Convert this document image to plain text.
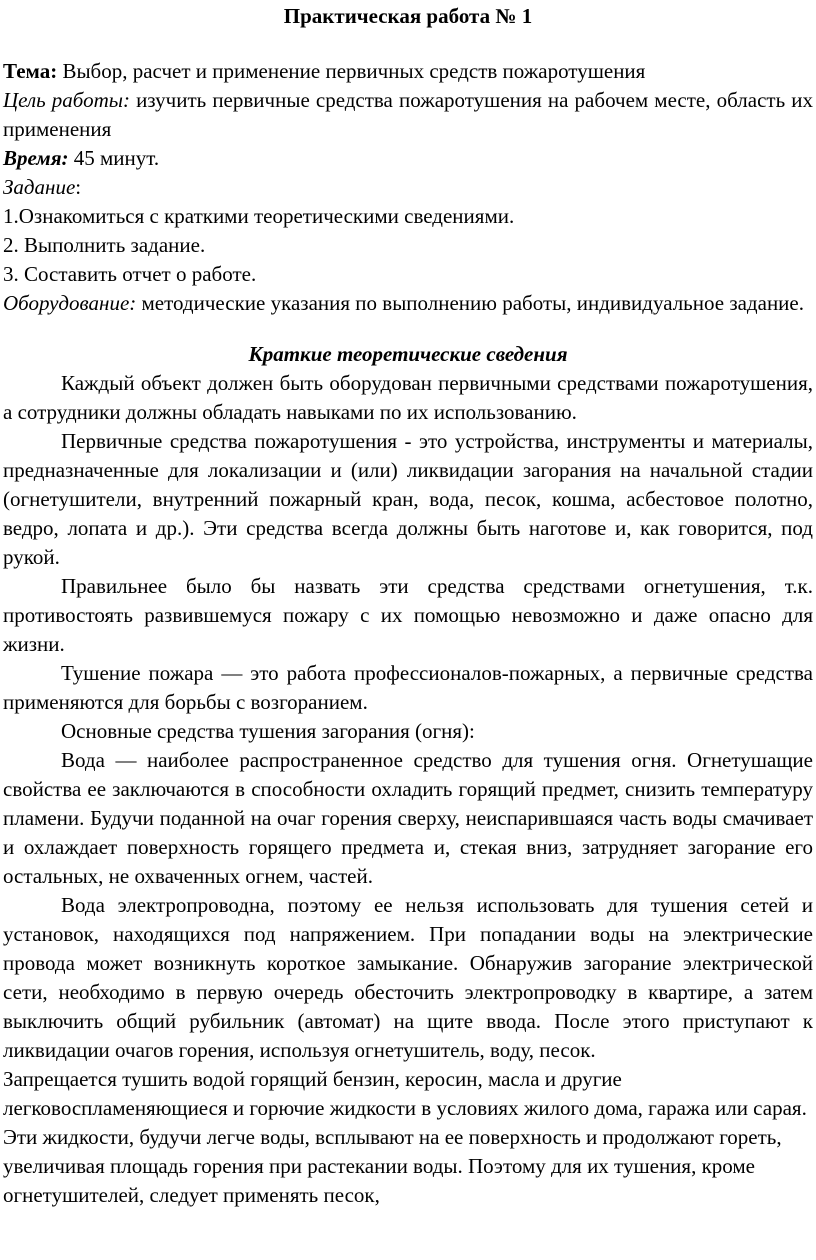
Практическая работа № 1

Тема: Выбор, расчет и применение первичных средств пожаротушения

Цель работы: изучить первичные средства пожаротушения на рабочем месте, область их применения

Время: 45 минут.

Задание:

1.Ознакомиться с краткими теоретическими сведениями.

2. Выполнить задание.

3. Составить отчет о работе.

Оборудование: методические указания по выполнению работы, индивидуальное задание.

Краткие теоретические сведения

Каждый объект должен быть оборудован первичными средствами пожаротушения, а сотрудники должны обладать навыками по их использованию.

Первичные средства пожаротушения - это устройства, инструменты и материалы, предназначенные для локализации и (или) ликвидации загорания на начальной стадии (огнетушители, внутренний пожарный кран, вода, песок, кошма, асбестовое полотно, ведро, лопата и др.). Эти средства всегда должны быть наготове и, как говорится, под рукой.

Правильнее было бы назвать эти средства средствами огнетушения, т.к. противостоять развившемуся пожару с их помощью невозможно и даже опасно для жизни.

Тушение пожара — это работа профессионалов-пожарных, а первичные средства применяются для борьбы с возгоранием.

Основные средства тушения загорания (огня):

Вода — наиболее распространенное средство для тушения огня. Огнетушащие свойства ее заключаются в способности охладить горящий предмет, снизить температуру пламени. Будучи поданной на очаг горения сверху, неиспарившаяся часть воды смачивает и охлаждает поверхность горящего предмета и, стекая вниз, затрудняет загорание его остальных, не охваченных огнем, частей.

Вода электропроводна, поэтому ее нельзя использовать для тушения сетей и установок, находящихся под напряжением. При попадании воды на электрические провода может возникнуть короткое замыкание. Обнаружив загорание электрической сети, необходимо в первую очередь обесточить электропроводку в квартире, а затем выключить общий рубильник (автомат) на щите ввода. После этого приступают к ликвидации очагов горения, используя огнетушитель, воду, песок.

Запрещается тушить водой горящий бензин, керосин, масла и другие легковоспламеняющиеся и горючие жидкости в условиях жилого дома, гаража или сарая. Эти жидкости, будучи легче воды, всплывают на ее поверхность и продолжают гореть, увеличивая площадь горения при растекании воды. Поэтому для их тушения, кроме огнетушителей, следует применять песок,
